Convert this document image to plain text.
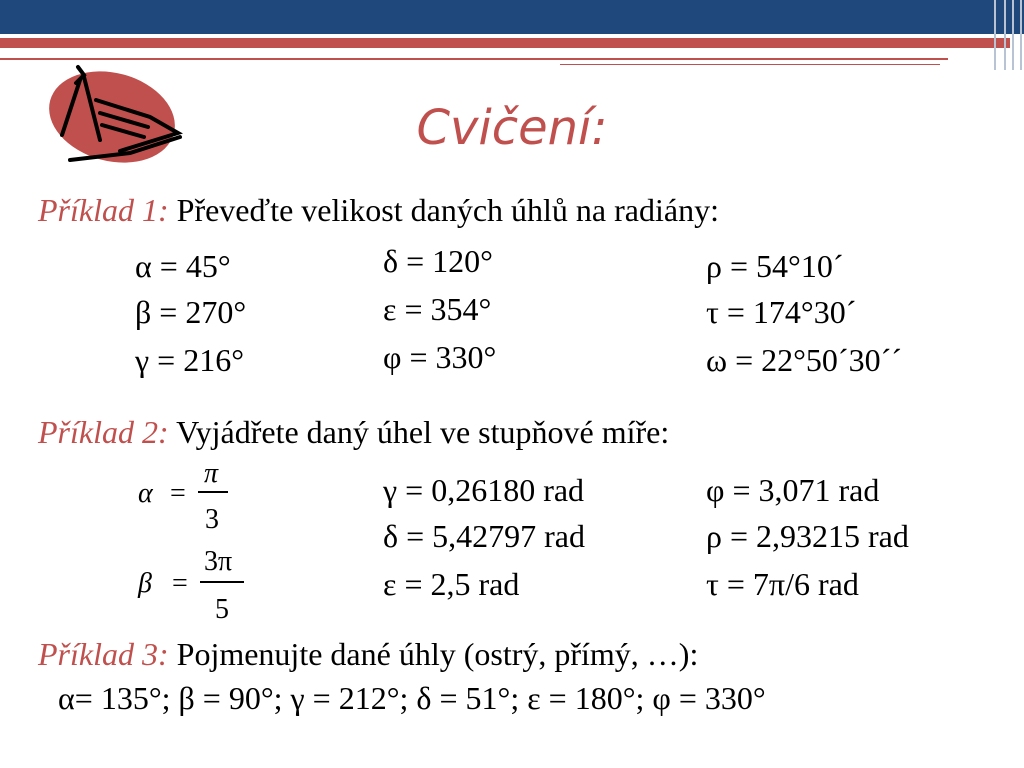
Cvičení:
Příklad 1: Převeďte velikost daných úhlů na radiány:
α = 45°
β = 270°
γ = 216°
δ = 120°
ε = 354°
φ = 330°
ρ = 54°10´
τ = 174°30´
ω = 22°50´30´´
Příklad 2: Vyjádřete daný úhel ve stupňové míře:
α =
π
3
β =
3π
5
γ = 0,26180 rad
δ = 5,42797 rad
ε = 2,5 rad
φ = 3,071 rad
ρ = 2,93215 rad
τ = 7π/6 rad
Příklad 3: Pojmenujte dané úhly (ostrý, přímý, …):
α= 135°; β = 90°; γ = 212°; δ = 51°; ε = 180°; φ = 330°
